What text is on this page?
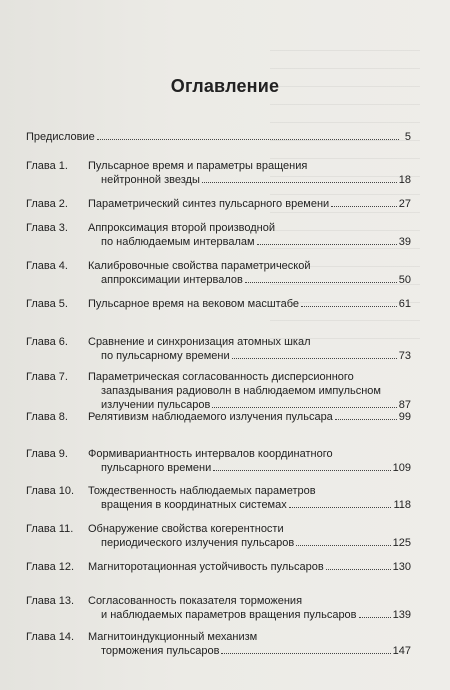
Оглавление
Предисловие	5
Глава 1. Пульсарное время и параметры вращения
нейтронной звезды	18
Глава 2. Параметрический синтез пульсарного времени	27
Глава 3. Аппроксимация второй производной
по наблюдаемым интервалам	39
Глава 4. Калибровочные свойства параметрической
аппроксимации интервалов	50
Глава 5. Пульсарное время на вековом масштабе	61
Глава 6. Сравнение и синхронизация атомных шкал
по пульсарному времени	73
Глава 7. Параметрическая согласованность дисперсионного
запаздывания радиоволн в наблюдаемом импульсном
излучении пульсаров	87
Глава 8. Релятивизм наблюдаемого излучения пульсара	99
Глава 9. Формивариантность интервалов координатного
пульсарного времени	109
Глава 10. Тождественность наблюдаемых параметров
вращения в координатных системах	118
Глава 11. Обнаружение свойства когерентности
периодического излучения пульсаров	125
Глава 12. Магниторотационная устойчивость пульсаров	130
Глава 13. Согласованность показателя торможения
и наблюдаемых параметров вращения пульсаров	139
Глава 14. Магнитоиндукционный механизм
торможения пульсаров	147
